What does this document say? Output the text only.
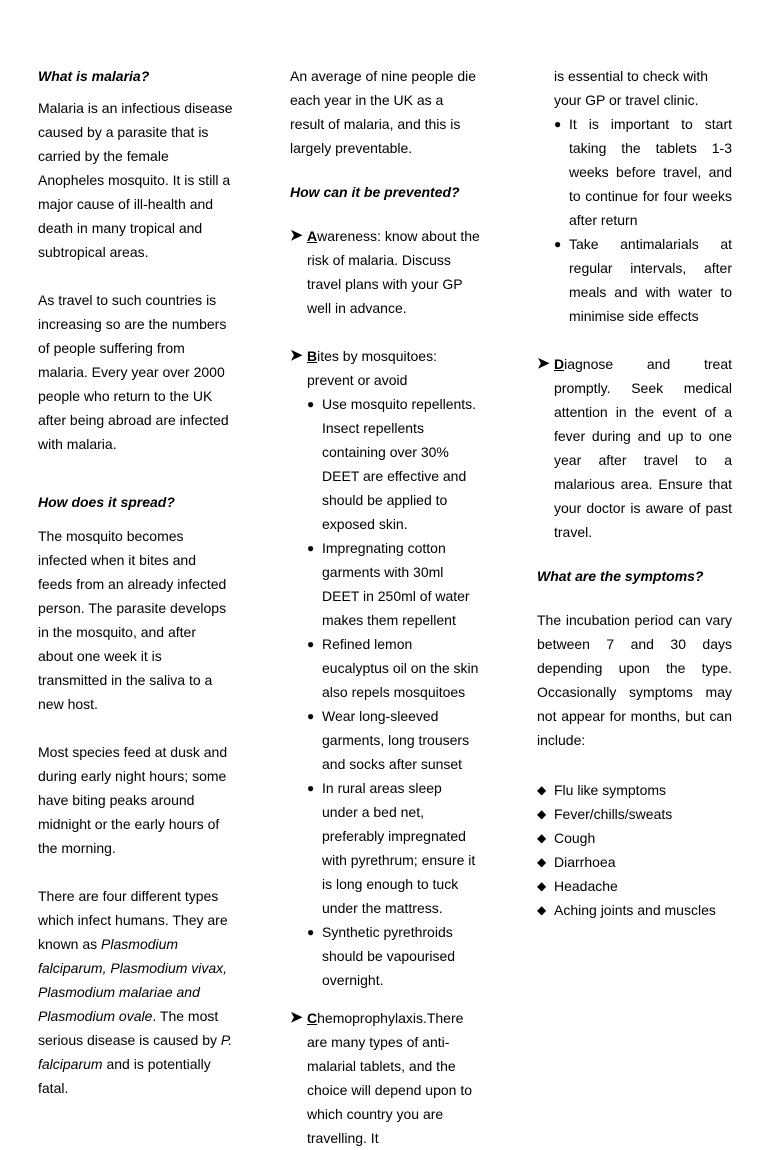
What is malaria?

Malaria is an infectious disease caused by a parasite that is carried by the female Anopheles mosquito. It is still a major cause of ill-health and death in many tropical and subtropical areas.

As travel to such countries is increasing so are the numbers of people suffering from malaria. Every year over 2000 people who return to the UK after being abroad are infected with malaria.

How does it spread?

The mosquito becomes infected when it bites and feeds from an already infected person. The parasite develops in the mosquito, and after about one week it is transmitted in the saliva to a new host.

Most species feed at dusk and during early night hours; some have biting peaks around midnight or the early hours of the morning.

There are four different types which infect humans. They are known as Plasmodium falciparum, Plasmodium vivax, Plasmodium malariae and Plasmodium ovale. The most serious disease is caused by P. falciparum and is potentially fatal.

An average of nine people die each year in the UK as a result of malaria, and this is largely preventable.

How can it be prevented?

➤ Awareness: know about the risk of malaria. Discuss travel plans with your GP well in advance.
➤ Bites by mosquitoes: prevent or avoid
● Use mosquito repellents. Insect repellents containing over 30% DEET are effective and should be applied to exposed skin.
● Impregnating cotton garments with 30ml DEET in 250ml of water makes them repellent
● Refined lemon eucalyptus oil on the skin also repels mosquitoes
● Wear long-sleeved garments, long trousers and socks after sunset
● In rural areas sleep under a bed net, preferably impregnated with pyrethrum; ensure it is long enough to tuck under the mattress.
● Synthetic pyrethroids should be vapourised overnight.
➤ Chemoprophylaxis.There are many types of anti-malarial tablets, and the choice will depend upon to which country you are travelling. It

is essential to check with your GP or travel clinic.

● It is important to start taking the tablets 1-3 weeks before travel, and to continue for four weeks after return
● Take antimalarials at regular intervals, after meals and with water to minimise side effects
➤ Diagnose and treat promptly. Seek medical attention in the event of a fever during and up to one year after travel to a malarious area. Ensure that your doctor is aware of past travel.

What are the symptoms?

The incubation period can vary between 7 and 30 days depending upon the type. Occasionally symptoms may not appear for months, but can include:

◆ Flu like symptoms
◆ Fever/chills/sweats
◆ Cough
◆ Diarrhoea
◆ Headache
◆ Aching joints and muscles
